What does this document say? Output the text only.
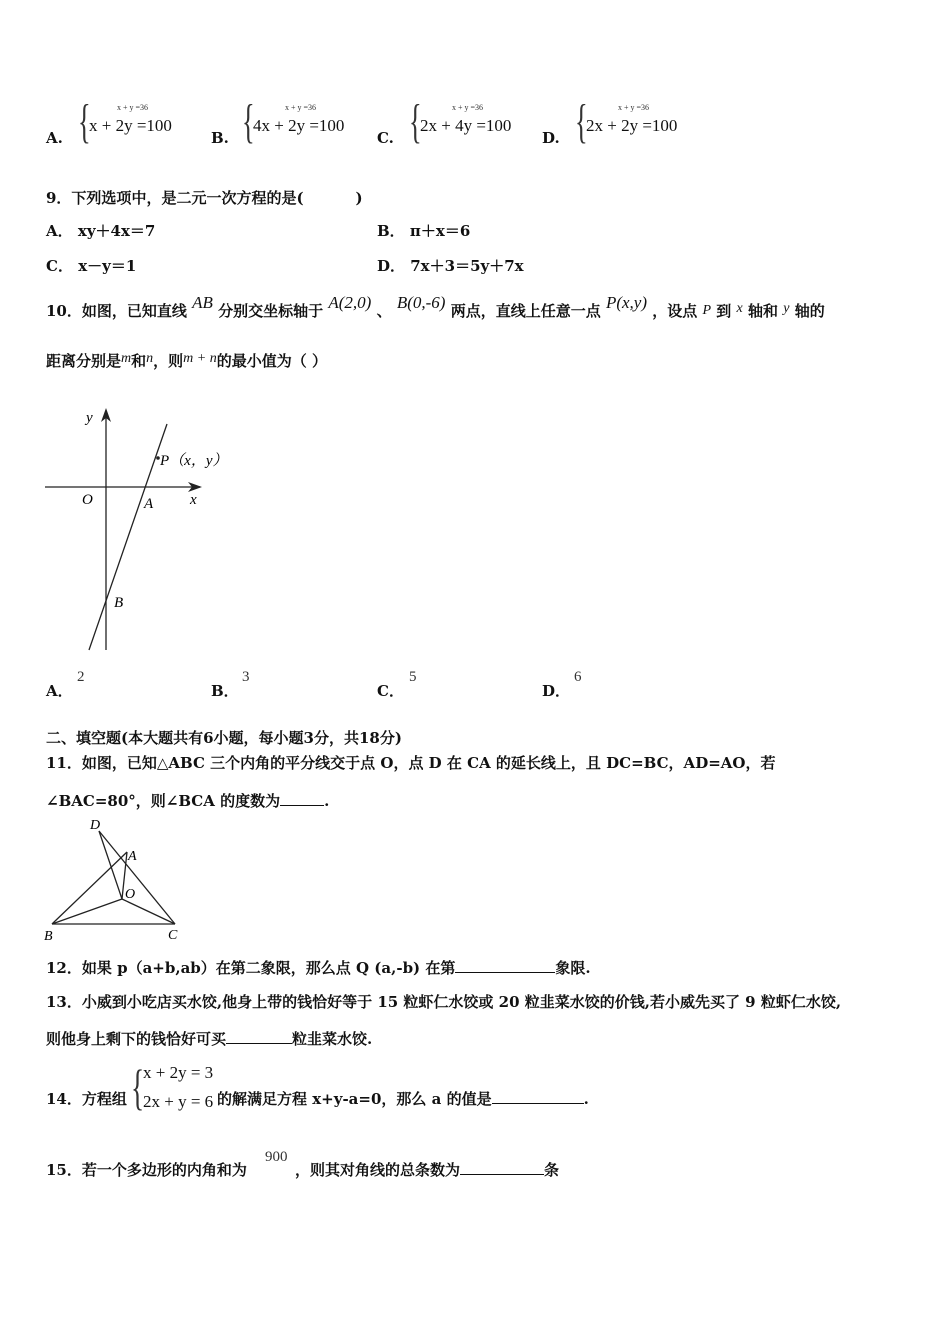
A. {	x + y =36
x + 2y =100
B. {	x + y =36
4x + 2y =100
C. {	x + y =36
2x + 4y =100
D. {	x + y =36
2x + 2y =100
9．下列选项中，是二元一次方程的是(	)
A． xy＋4x＝7	B． π＋x＝6
C． x－y＝1	D． 7x＋3＝5y＋7x
10．如图，已知直线 AB 分别交坐标轴于 A(2,0) 、 B(0,-6) 两点，直线上任意一点 P(x,y) ，设点 P 到 x 轴和 y 轴的
距离分别是m和n，则m + n的最小值为（ ）
y
O	x
A
B
P（x，y）
A．
2
B．
3
C．
5
D．
6
二、填空题(本大题共有6小题，每小题3分，共18分)
11．如图，已知△ABC 三个内角的平分线交于点 O，点 D 在 CA 的延长线上，且 DC=BC，AD=AO，若
∠BAC=80°，则∠BCA 的度数为	.
D
A
O
B	C
12．如果 p（a+b,ab）在第二象限，那么点 Q (a,-b) 在第	象限.
13．小威到小吃店买水饺,他身上带的钱恰好等于 15 粒虾仁水饺或 20 粒韭菜水饺的价钱,若小威先买了 9 粒虾仁水饺,
则他身上剩下的钱恰好可买	粒韭菜水饺.
14．方程组 {
x + 2y = 3
2x + y = 6 的解满足方程 x+y-a=0，那么 a 的值是	.
15．若一个多边形的内角和为
900
，则其对角线的总条数为	条
